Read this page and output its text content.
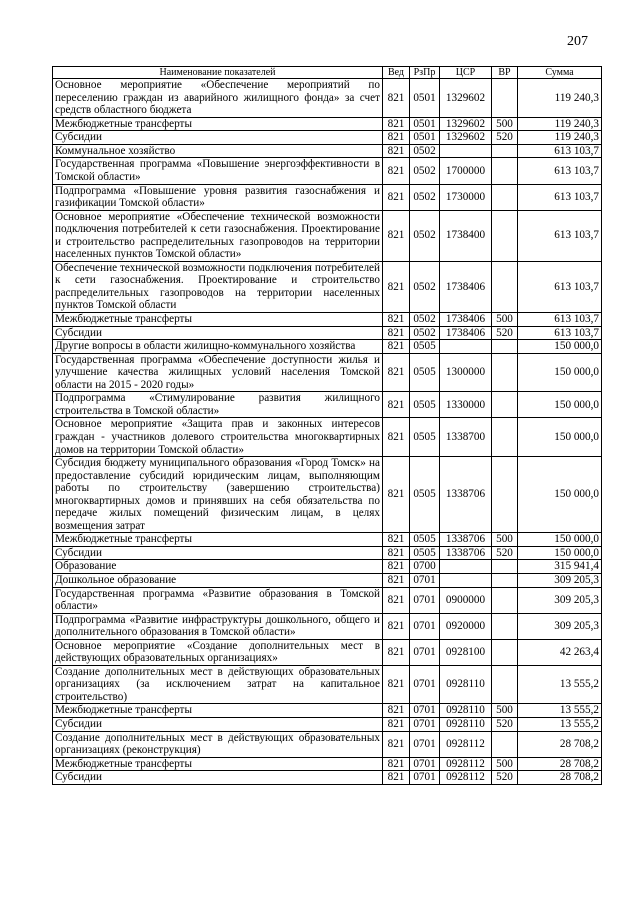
207
Наименование показателей	Вед	РзПр	ЦСР	ВР	Сумма
Основное мероприятие «Обеспечение мероприятий по переселению граждан из аварийного жилищного фонда» за счет средств областного бюджета	821	0501	1329602		119 240,3
Межбюджетные трансферты	821	0501	1329602	500	119 240,3
Субсидии	821	0501	1329602	520	119 240,3
Коммунальное хозяйство	821	0502			613 103,7
Государственная программа «Повышение энергоэффективности в Томской области»	821	0502	1700000		613 103,7
Подпрограмма «Повышение уровня развития газоснабжения и газификации Томской области»	821	0502	1730000		613 103,7
Основное мероприятие «Обеспечение технической возможности подключения потребителей к сети газоснабжения. Проектирование и строительство распределительных газопроводов на территории населенных пунктов Томской области»	821	0502	1738400		613 103,7
Обеспечение технической возможности подключения потребителей к сети газоснабжения. Проектирование и строительство распределительных газопроводов на территории населенных пунктов Томской области	821	0502	1738406		613 103,7
Межбюджетные трансферты	821	0502	1738406	500	613 103,7
Субсидии	821	0502	1738406	520	613 103,7
Другие вопросы в области жилищно-коммунального хозяйства	821	0505			150 000,0
Государственная программа «Обеспечение доступности жилья и улучшение качества жилищных условий населения Томской области на 2015 - 2020 годы»	821	0505	1300000		150 000,0
Подпрограмма «Стимулирование развития жилищного строительства в Томской области»	821	0505	1330000		150 000,0
Основное мероприятие «Защита прав и законных интересов граждан - участников долевого строительства многоквартирных домов на территории Томской области»	821	0505	1338700		150 000,0
Субсидия бюджету муниципального образования «Город Томск» на предоставление субсидий юридическим лицам, выполняющим работы по строительству (завершению строительства) многоквартирных домов и принявших на себя обязательства по передаче жилых помещений физическим лицам, в целях возмещения затрат	821	0505	1338706		150 000,0
Межбюджетные трансферты	821	0505	1338706	500	150 000,0
Субсидии	821	0505	1338706	520	150 000,0
Образование	821	0700			315 941,4
Дошкольное образование	821	0701			309 205,3
Государственная программа «Развитие образования в Томской области»	821	0701	0900000		309 205,3
Подпрограмма «Развитие инфраструктуры дошкольного, общего и дополнительного образования в Томской области»	821	0701	0920000		309 205,3
Основное мероприятие «Создание дополнительных мест в действующих образовательных организациях»	821	0701	0928100		42 263,4
Создание дополнительных мест в действующих образовательных организациях (за исключением затрат на капитальное строительство)	821	0701	0928110		13 555,2
Межбюджетные трансферты	821	0701	0928110	500	13 555,2
Субсидии	821	0701	0928110	520	13 555,2
Создание дополнительных мест в действующих образовательных организациях (реконструкция)	821	0701	0928112		28 708,2
Межбюджетные трансферты	821	0701	0928112	500	28 708,2
Субсидии	821	0701	0928112	520	28 708,2
